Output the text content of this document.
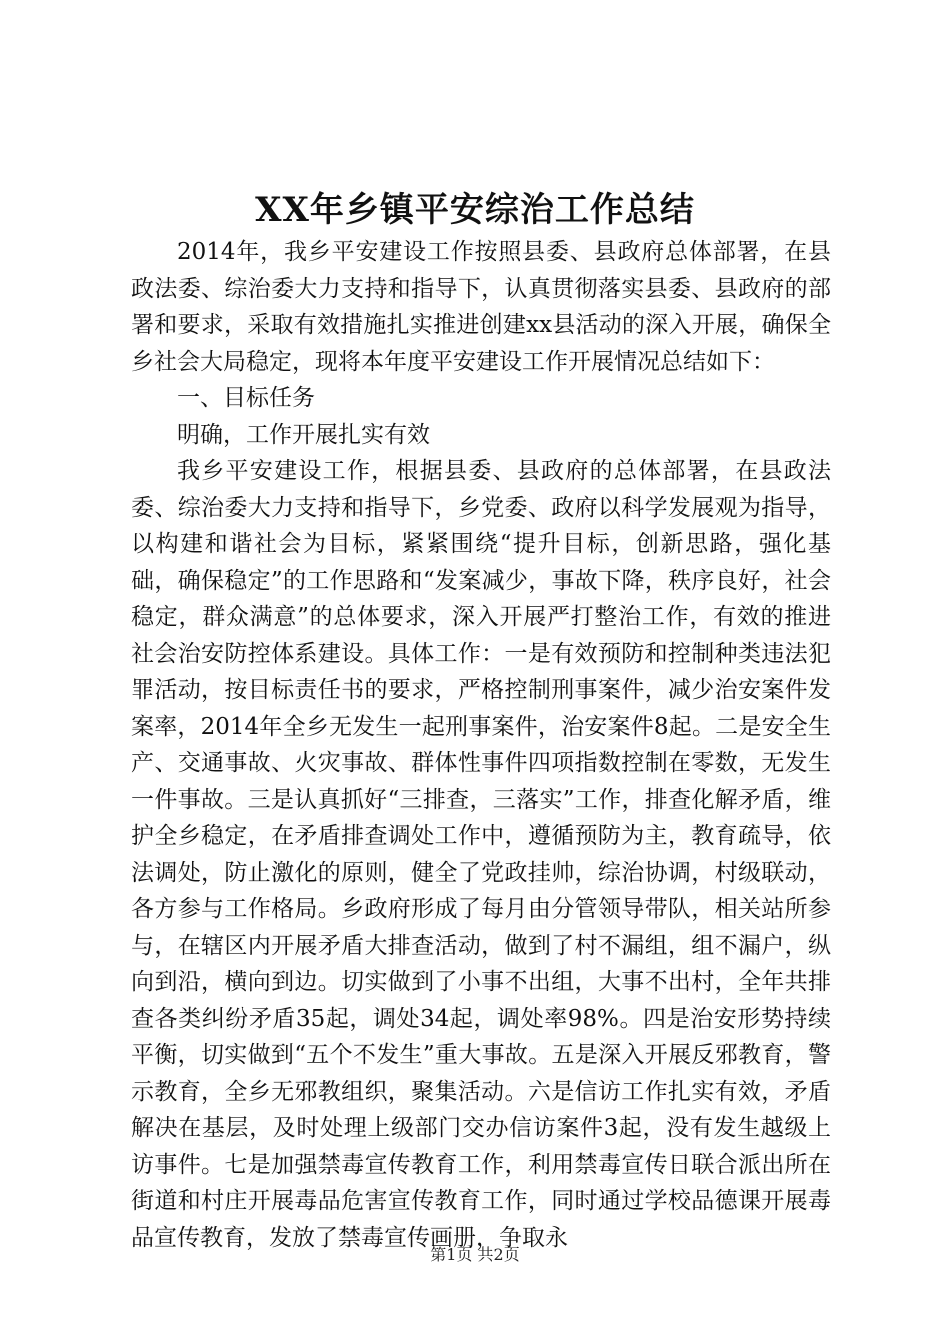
XX年乡镇平安综治工作总结

2014年，我乡平安建设工作按照县委、县政府总体部署，在县政法委、综治委大力支持和指导下，认真贯彻落实县委、县政府的部署和要求，采取有效措施扎实推进创建xx县活动的深入开展，确保全乡社会大局稳定，现将本年度平安建设工作开展情况总结如下：

一、目标任务

明确，工作开展扎实有效

我乡平安建设工作，根据县委、县政府的总体部署，在县政法委、综治委大力支持和指导下，乡党委、政府以科学发展观为指导，以构建和谐社会为目标，紧紧围绕“提升目标，创新思路，强化基础，确保稳定”的工作思路和“发案减少，事故下降，秩序良好，社会稳定，群众满意”的总体要求，深入开展严打整治工作，有效的推进社会治安防控体系建设。具体工作：一是有效预防和控制种类违法犯罪活动，按目标责任书的要求，严格控制刑事案件，减少治安案件发案率，2014年全乡无发生一起刑事案件，治安案件8起。二是安全生产、交通事故、火灾事故、群体性事件四项指数控制在零数，无发生一件事故。三是认真抓好“三排查，三落实”工作，排查化解矛盾，维护全乡稳定，在矛盾排查调处工作中，遵循预防为主，教育疏导，依法调处，防止激化的原则，健全了党政挂帅，综治协调，村级联动，各方参与工作格局。乡政府形成了每月由分管领导带队，相关站所参与，在辖区内开展矛盾大排查活动，做到了村不漏组，组不漏户，纵向到沿，横向到边。切实做到了小事不出组，大事不出村，全年共排查各类纠纷矛盾35起，调处34起，调处率98%。四是治安形势持续平衡，切实做到“五个不发生”重大事故。五是深入开展反邪教育，警示教育，全乡无邪教组织，聚集活动。六是信访工作扎实有效，矛盾解决在基层，及时处理上级部门交办信访案件3起，没有发生越级上访事件。七是加强禁毒宣传教育工作，利用禁毒宣传日联合派出所在街道和村庄开展毒品危害宣传教育工作，同时通过学校品德课开展毒品宣传教育，发放了禁毒宣传画册，争取永

第1页 共2页
